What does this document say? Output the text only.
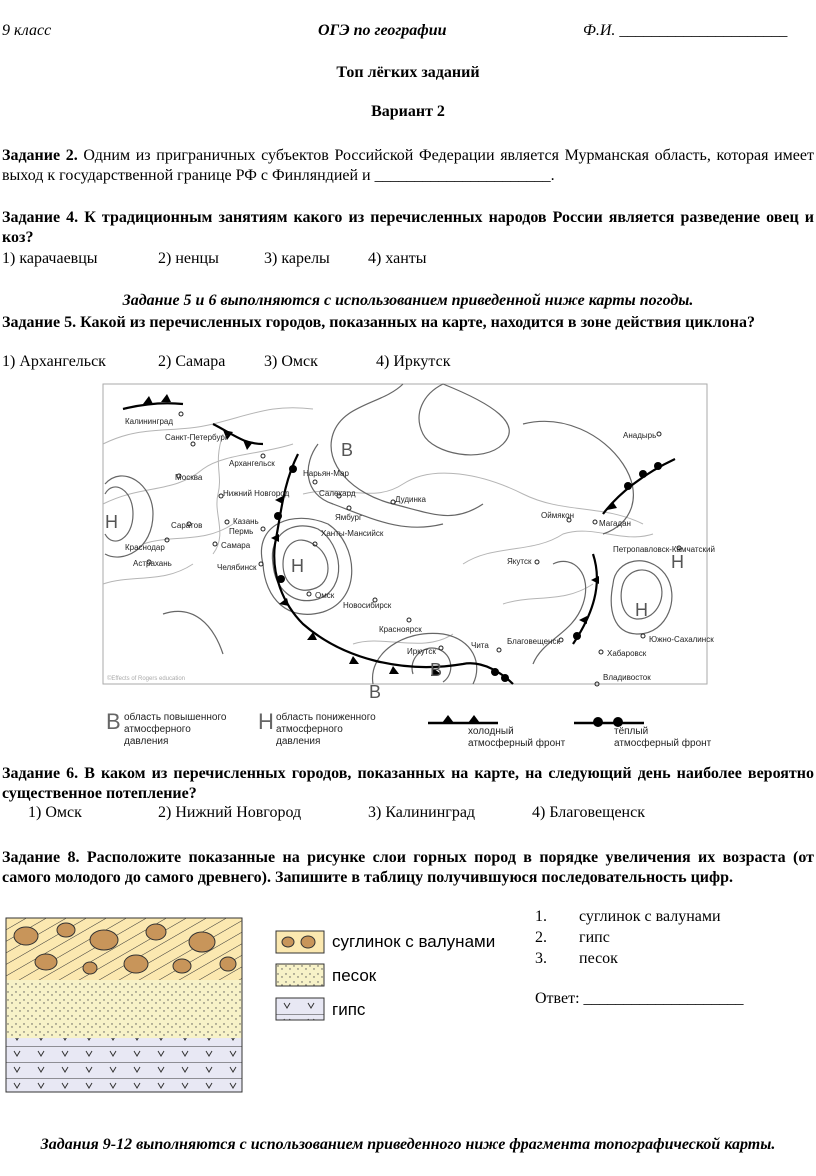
9 класс	ОГЭ по географии	Ф.И. _____________________
Топ лёгких заданий
Вариант 2
Задание 2. Одним из приграничных субъектов Российской Федерации является Мурманская область, которая имеет выход к государственной границе РФ с Финляндией и ______________________.
Задание 4. К традиционным занятиям какого из перечисленных народов России является разведение овец и коз?
1) карачаевцы	2) ненцы	3) карелы 4) ханты
Задание 5 и 6 выполняются с использованием приведенной ниже карты погоды.
Задание 5. Какой из перечисленных городов, показанных на карте, находится в зоне действия циклона?
1) Архангельск	2) Самара 3) Омск	4) Иркутск
В
Н
Н
В
В
Н
Н
Калининград
Санкт-Петербург
Архангельск
Москва
Нижний Новгород
Казань
Пермь
Саратов
Самара
Краснодар
Астрахань	Челябинск
Нарьян-Мар
Салехард
Дудинка
Ямбург
Ханты-Мансийск
Омск
Новосибирск
Красноярск
Иркутск
Чита Благовещенск
Якутск
Оймякон
Магадан
Анадырь
Петропавловск-Камчатский
Южно-Сахалинск
Хабаровск
Владивосток
©Effects of Rogers education
В область повышенного атмосферного давления
Н область пониженного атмосферного давления
холодный атмосферный фронт
тёплый атмосферный фронт
Задание 6. В каком из перечисленных городов, показанных на карте, на следующий день наиболее вероятно существенное потепление?
1) Омск	2) Нижний Новгород	3) Калининград	4) Благовещенск
Задание 8. Расположите показанные на рисунке слои горных пород в порядке увеличения их возраста (от самого молодого до самого древнего). Запишите в таблицу получившуюся последовательность цифр.
суглинок с валунами
песок
гипс
1. суглинок с валунами
2. гипс
3. песок
Ответ: ____________________
Задания 9-12 выполняются с использованием приведенного ниже фрагмента топографической карты.
